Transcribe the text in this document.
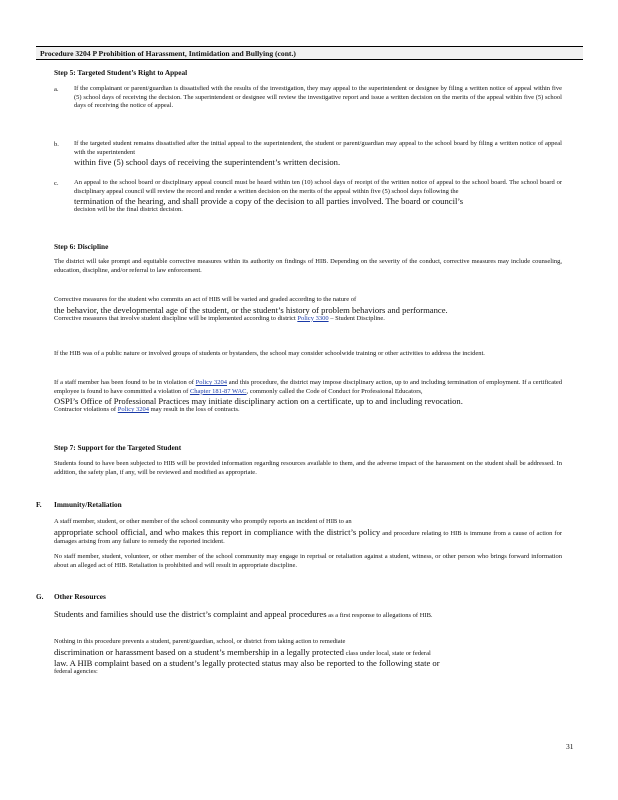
Procedure 3204 P Prohibition of Harassment, Intimidation and Bullying (cont.)
Step 5: Targeted Student’s Right to Appeal
a. If the complainant or parent/guardian is dissatisfied with the results of the investigation, they may appeal to the superintendent or designee by filing a written notice of appeal within five (5) school days of receiving the decision. The superintendent or designee will review the investigative report and issue a written decision on the merits of the appeal within five (5) school days of receiving the notice of appeal.

b. If the targeted student remains dissatisfied after the initial appeal to the superintendent, the student or parent/guardian may appeal to the school board by filing a written notice of appeal with the superintendent

within five (5) school days of receiving the superintendent’s written decision.

c. An appeal to the school board or disciplinary appeal council must be heard within ten (10) school days of receipt of the written notice of appeal to the school board. The school board or disciplinary appeal council will review the record and render a written decision on the merits of the appeal within five (5) school days following the

termination of the hearing, and shall provide a copy of the decision to all parties involved. The board or council’s

decision will be the final district decision.

Step 6: Discipline
The district will take prompt and equitable corrective measures within its authority on findings of HIB. Depending on the severity of the conduct, corrective measures may include counseling, education, discipline, and/or referral to law enforcement.

Corrective measures for the student who commits an act of HIB will be varied and graded according to the nature of

the behavior, the developmental age of the student, or the student’s history of problem behaviors and performance.

Corrective measures that involve student discipline will be implemented according to district Policy 3300 – Student Discipline.

If the HIB was of a public nature or involved groups of students or bystanders, the school may consider schoolwide training or other activities to address the incident.

If a staff member has been found to be in violation of Policy 3204 and this procedure, the district may impose disciplinary action, up to and including termination of employment. If a certificated employee is found to have committed a violation of Chapter 181-87 WAC, commonly called the Code of Conduct for Professional Educators,

OSPI’s Office of Professional Practices may initiate disciplinary action on a certificate, up to and including revocation.

Contractor violations of Policy 3204 may result in the loss of contracts.

Step 7: Support for the Targeted Student
Students found to have been subjected to HIB will be provided information regarding resources available to them, and the adverse impact of the harassment on the student shall be addressed. In addition, the safety plan, if any, will be reviewed and modified as appropriate.
F. Immunity/Retaliation

A staff member, student, or other member of the school community who promptly reports an incident of HIB to an

appropriate school official, and who makes this report in compliance with the district’s policy and procedure relating to HIB is immune from a cause of action for damages arising from any failure to remedy the reported incident.

No staff member, student, volunteer, or other member of the school community may engage in reprisal or retaliation against a student, witness, or other person who brings forward information about an alleged act of HIB. Retaliation is prohibited and will result in appropriate discipline.
G. Other Resources

Students and families should use the district’s complaint and appeal procedures as a first response to allegations of HIB.

Nothing in this procedure prevents a student, parent/guardian, school, or district from taking action to remediate

discrimination or harassment based on a student’s membership in a legally protected class under local, state or federal

law. A HIB complaint based on a student’s legally protected status may also be reported to the following state or

federal agencies:

31
